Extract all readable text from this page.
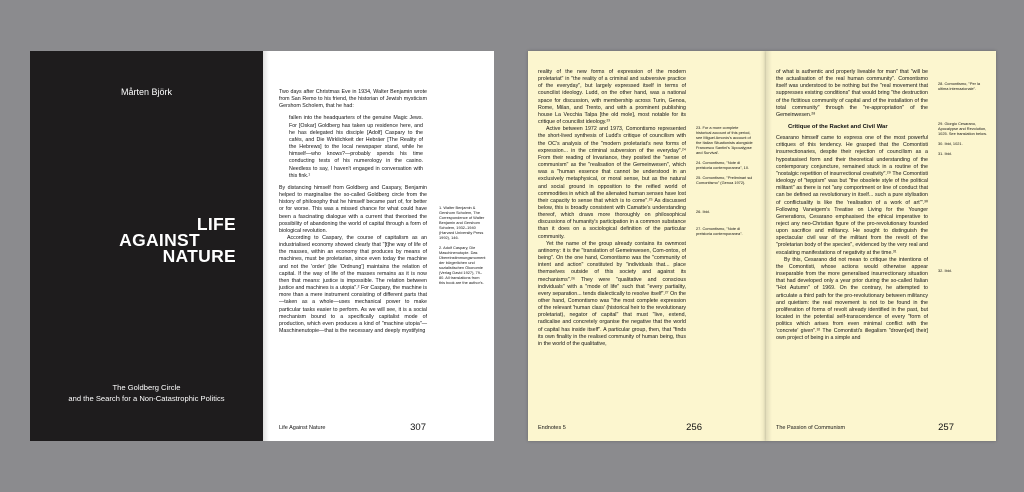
Mårten Björk
LIFE
AGAINST
NATURE
The Goldberg Circle
and the Search for a Non-Catastrophic Politics

Two days after Christmas Eve in 1934, Walter Benjamin wrote from San Remo to his friend, the historian of Jewish mysticism Gershom Scholem, that he had:

fallen into the headquarters of the genuine Magic Jews. For [Oskar] Goldberg has taken up residence here, and he has delegated his disciple [Adolf] Caspary to the cafés, and Die Wirklichkeit der Hebräer [The Reality of the Hebrews] to the local newspaper stand, while he himself—who knows?—probably spends his time conducting tests of his numerology in the casino. Needless to say, I haven't engaged in conversation with this fink.¹

By distancing himself from Goldberg and Caspary, Benjamin helped to marginalise the so-called Goldberg circle from the history of philosophy that he himself became part of, for better or for worse. This was a missed chance for what could have been a fascinating dialogue with a current that theorised the possibility of abandoning the world of capital through a form of biological revolution.

According to Caspary, the course of capitalism as an industrialised economy showed clearly that "[t]he way of life of the masses, within an economy that produces by means of machines, must be proletarian, since even today the machine and not the 'order' [die 'Ordnung'] maintains the relation of capital. If the way of life of the masses remains as it is now then that means: justice is impossible. The relation between justice and machines is a utopia".² For Caspary, the machine is more than a mere instrument consisting of different parts that—taken as a whole—uses mechanical power to make particular tasks easier to perform. As we will see, it is a social mechanism bound to a specifically capitalist mode of production, which even produces a kind of "machine utopia"—Maschinenutopie—that is the necessary and deeply mystifying

1. Walter Benjamin & Gershom Scholem, The Correspondence of Walter Benjamin and Gershom Scholem, 1932–1940 (Harvard University Press 1992), 146.
2. Adolf Caspary, Die Maschinenutopie. Das Übereinstimmungsmoment der bürgerlichen und sozialistischen Ökonomie (Verlag David 1927), 79–80. All translations from this book are the author's.
Life Against Nature	307

reality of the new forms of expression of the modern proletariat" in "the reality of a criminal and subversive practice of the everyday", but largely expressed itself in terms of councilist ideology. Ludd, on the other hand, was a national space for discussion, with membership across Turin, Genoa, Rome, Milan, and Trento, and with a prominent publishing house La Vecchia Talpa [the old mole], most notable for its critique of councilist ideology.²³

Active between 1972 and 1973, Comontismo represented the short-lived synthesis of Ludd's critique of councilism with the OC's analysis of the "modern proletariat's new forms of expression... in the criminal subversion of the everyday".²⁴ From their reading of Invariance, they posited the "sense of communism" as the "realisation of the Gemeinwesen", which was a "human essence that cannot be understood in an exclusively metaphysical, or moral sense, but as the natural and social ground in opposition to the reified world of commodities in which all the alienated human senses have lost their capacity to sense that which is to come".²⁵ As discussed below, this is broadly consistent with Camatte's understanding thereof, which draws more thoroughly on philosophical discussions of humanity's participation in a common substance than it does on a sociological definition of the particular community.

Yet the name of the group already contains its ownmost antinomy: it is the "translation of Gemeinwesen, Com-ontos, of being". On the one hand, Comontismo was the "community of intent and action" constituted by "individuals that... place themselves outside of this society and against its mechanisms".²⁶ They were "qualitative and conscious individuals" with a "mode of life" such that "every partiality, every separation... tends dialectically to resolve itself".²⁷ On the other hand, Comontismo was "the most complete expression of the relevant 'human class' (historical heir to the revolutionary proletariat), negator of capital" that must "live, extend, radicalise and concretely organise the negative that the world of capital has inside itself". A particular group, then, that "finds its own finality in the realised community of human being, thus in the world of the qualitative,

23. For a more complete historical account of this period, see Miguel Amorós's account of the Italian Situationists alongside Francesco Santini's 'Apocalypse and Survival'.
24. Comontismo, "Note di preistoria contemporanea", 10.
25. Comontismo, "Preliminari sul Comontismo" (Genoa 1972).
26. Ibid.
27. Comontismo, "Note di preistoria contemporanea".
Endnotes 5	256

of what is authentic and properly liveable for man" that "will be the actualisation of the real human community". Comontismo itself was understood to be nothing but the "real movement that suppresses existing conditions" that would bring "the destruction of the fictitious community of capital and of the installation of the total community" through the "re-appropriation" of the Gemeinwesen.²⁸

Critique of the Racket and Civil War

Cesarano himself came to express one of the most powerful critiques of this tendency. He grasped that the Comontisti insurrectionaries, despite their rejection of councilism as a hypostasised form and their theoretical understanding of the contemporary conjuncture, remained stuck in a routine of the "nostalgic repetition of insurrectional creativity".²⁹ The Comontisti ideology of "teppism" was but "the obsolete style of the political militant" as there is not "any comportment or line of conduct that can be defined as revolutionary in itself... such a pure stylisation of conflictuality is like the 'realisation of a work of art'".³⁰ Following Vaneigem's Treatise on Living for the Younger Generations, Cesarano emphasised the ethical imperative to reject any neo-Christian figure of the pro-revolutionary founded upon sacrifice and militancy. He sought to distinguish the spectacular civil war of the militant from the revolt of the "proletarian body of the species", evidenced by the very real and escalating manifestations of negativity at the time.³¹

By this, Cesarano did not mean to critique the intentions of the Comontisti, whose actions would otherwise appear inseparable from the more generalised insurrectionary situation that had developed only a year prior during the so-called Italian "Hot Autumn" of 1969. On the contrary, he attempted to articulate a third path for the pro-revolutionary between militancy and quietism: the real movement is not to be found in the proliferation of forms of revolt already identified in the past, but located in the potential self-transcendence of every "form of politics which arises from even minimal conflict with the 'concrete' given".³² The Comontisti's illegalism "drown[ed] their] own project of being in a simple and

28. Comontismo, "Per la ultima internazionale".
29. Giorgio Cesarano, Apocalypse and Revolution, 1025. See translation below.
30. Ibid, 1021.
31. Ibid.
32. Ibid.
The Passion of Communism	257
